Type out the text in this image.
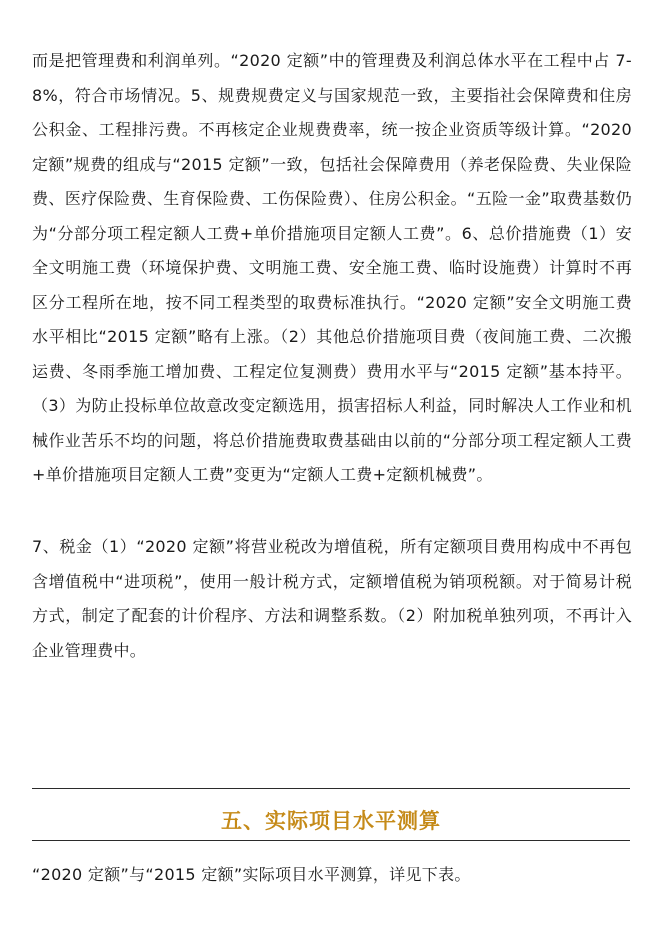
而是把管理费和利润单列。“2020 定额”中的管理费及利润总体水平在工程中占 7-8%，符合市场情况。5、规费规费定义与国家规范一致，主要指社会保障费和住房公积金、工程排污费。不再核定企业规费费率，统一按企业资质等级计算。“2020 定额”规费的组成与“2015 定额”一致，包括社会保障费用（养老保险费、失业保险费、医疗保险费、生育保险费、工伤保险费）、住房公积金。“五险一金”取费基数仍为“分部分项工程定额人工费+单价措施项目定额人工费”。6、总价措施费（1）安全文明施工费（环境保护费、文明施工费、安全施工费、临时设施费）计算时不再区分工程所在地，按不同工程类型的取费标准执行。“2020 定额”安全文明施工费水平相比“2015 定额”略有上涨。（2）其他总价措施项目费（夜间施工费、二次搬运费、冬雨季施工增加费、工程定位复测费）费用水平与“2015 定额”基本持平。（3）为防止投标单位故意改变定额选用，损害招标人利益，同时解决人工作业和机械作业苦乐不均的问题，将总价措施费取费基础由以前的“分部分项工程定额人工费+单价措施项目定额人工费”变更为“定额人工费+定额机械费”。

7、税金（1）“2020 定额”将营业税改为增值税，所有定额项目费用构成中不再包含增值税中“进项税”，使用一般计税方式，定额增值税为销项税额。对于简易计税方式，制定了配套的计价程序、方法和调整系数。（2）附加税单独列项，不再计入企业管理费中。

五、实际项目水平测算

“2020 定额”与“2015 定额”实际项目水平测算，详见下表。
